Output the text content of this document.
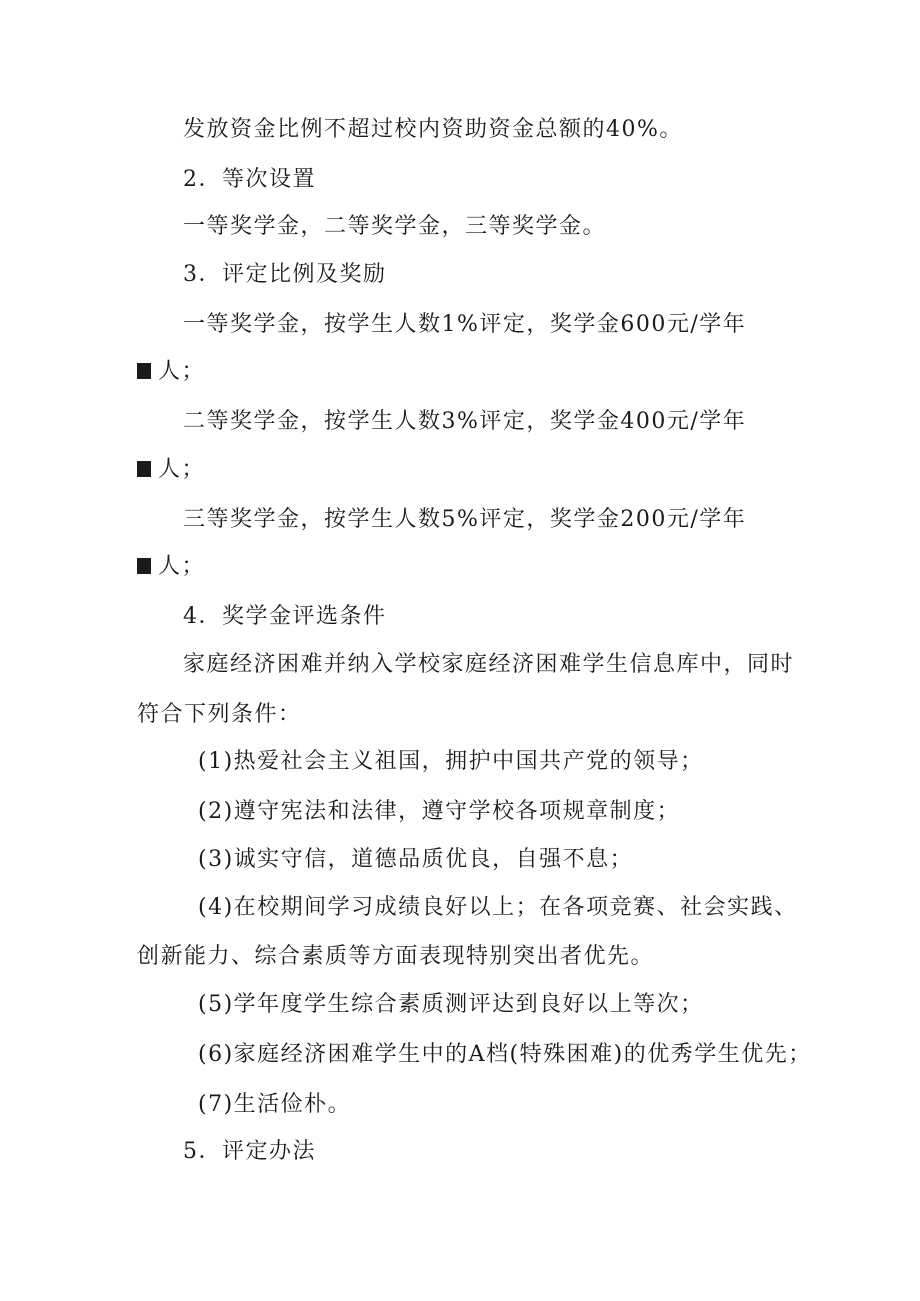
发放资金比例不超过校内资助资金总额的40%。
2．等次设置
一等奖学金，二等奖学金，三等奖学金。
3．评定比例及奖励
一等奖学金，按学生人数1%评定，奖学金600元/学年
人；
二等奖学金，按学生人数3%评定，奖学金400元/学年
人；
三等奖学金，按学生人数5%评定，奖学金200元/学年
人；
4．奖学金评选条件
家庭经济困难并纳入学校家庭经济困难学生信息库中，同时
符合下列条件：
(1)热爱社会主义祖国，拥护中国共产党的领导；
(2)遵守宪法和法律，遵守学校各项规章制度；
(3)诚实守信，道德品质优良，自强不息；
(4)在校期间学习成绩良好以上；在各项竞赛、社会实践、
创新能力、综合素质等方面表现特别突出者优先。
(5)学年度学生综合素质测评达到良好以上等次；
(6)家庭经济困难学生中的A档(特殊困难)的优秀学生优先；
(7)生活俭朴。
5．评定办法
